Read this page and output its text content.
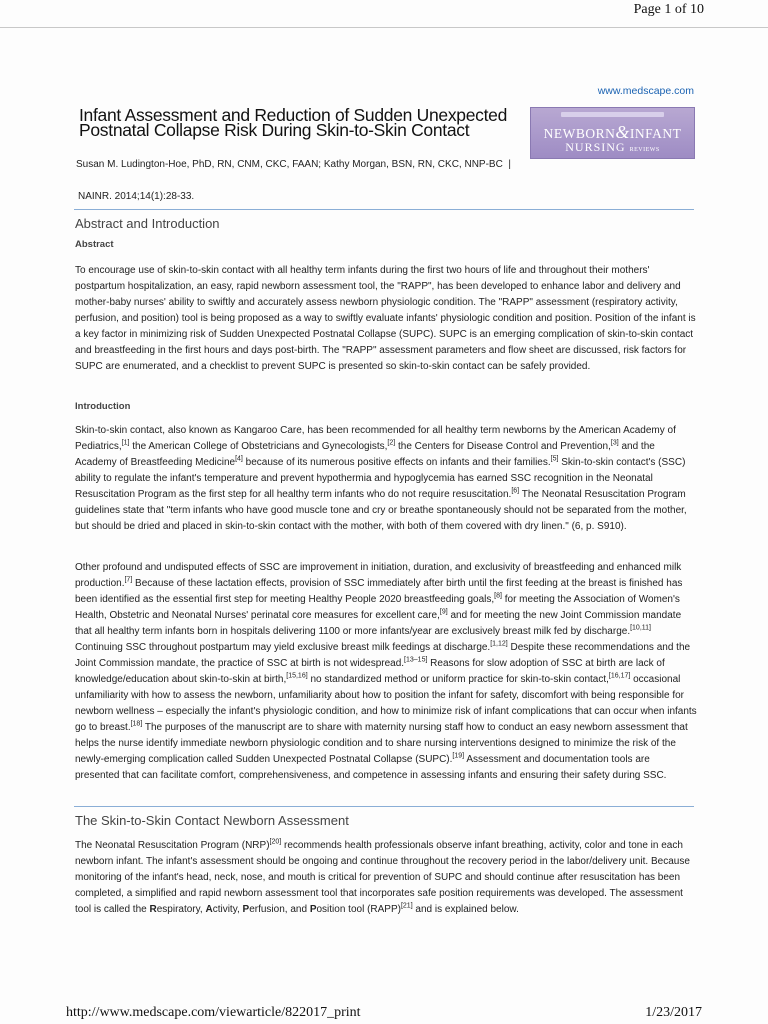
Page 1 of 10
www.medscape.com
Infant Assessment and Reduction of Sudden Unexpected Postnatal Collapse Risk During Skin-to-Skin Contact	NEWBORN&INFANT
NURSING REVIEWS
Susan M. Ludington-Hoe, PhD, RN, CNM, CKC, FAAN; Kathy Morgan, BSN, RN, CKC, NNP-BC |
NAINR. 2014;14(1):28-33.
Abstract and Introduction
Abstract

To encourage use of skin-to-skin contact with all healthy term infants during the first two hours of life and throughout their mothers' postpartum hospitalization, an easy, rapid newborn assessment tool, the "RAPP", has been developed to enhance labor and delivery and mother-baby nurses' ability to swiftly and accurately assess newborn physiologic condition. The "RAPP" assessment (respiratory activity, perfusion, and position) tool is being proposed as a way to swiftly evaluate infants' physiologic condition and position. Position of the infant is a key factor in minimizing risk of Sudden Unexpected Postnatal Collapse (SUPC). SUPC is an emerging complication of skin-to-skin contact and breastfeeding in the first hours and days post-birth. The "RAPP" assessment parameters and flow sheet are discussed, risk factors for SUPC are enumerated, and a checklist to prevent SUPC is presented so skin-to-skin contact can be safely provided.

Introduction

Skin-to-skin contact, also known as Kangaroo Care, has been recommended for all healthy term newborns by the American Academy of Pediatrics,[1] the American College of Obstetricians and Gynecologists,[2] the Centers for Disease Control and Prevention,[3] and the Academy of Breastfeeding Medicine[4] because of its numerous positive effects on infants and their families.[5] Skin-to-skin contact's (SSC) ability to regulate the infant's temperature and prevent hypothermia and hypoglycemia has earned SSC recognition in the Neonatal Resuscitation Program as the first step for all healthy term infants who do not require resuscitation.[6] The Neonatal Resuscitation Program guidelines state that "term infants who have good muscle tone and cry or breathe spontaneously should not be separated from the mother, but should be dried and placed in skin-to-skin contact with the mother, with both of them covered with dry linen." (6, p. S910).

Other profound and undisputed effects of SSC are improvement in initiation, duration, and exclusivity of breastfeeding and enhanced milk production.[7] Because of these lactation effects, provision of SSC immediately after birth until the first feeding at the breast is finished has been identified as the essential first step for meeting Healthy People 2020 breastfeeding goals,[8] for meeting the Association of Women's Health, Obstetric and Neonatal Nurses' perinatal core measures for excellent care,[9] and for meeting the new Joint Commission mandate that all healthy term infants born in hospitals delivering 1100 or more infants/year are exclusively breast milk fed by discharge.[10,11] Continuing SSC throughout postpartum may yield exclusive breast milk feedings at discharge.[1,12] Despite these recommendations and the Joint Commission mandate, the practice of SSC at birth is not widespread.[13–15] Reasons for slow adoption of SSC at birth are lack of knowledge/education about skin-to-skin at birth,[15,16] no standardized method or uniform practice for skin-to-skin contact,[16,17] occasional unfamiliarity with how to assess the newborn, unfamiliarity about how to position the infant for safety, discomfort with being responsible for newborn wellness – especially the infant's physiologic condition, and how to minimize risk of infant complications that can occur when infants go to breast.[18] The purposes of the manuscript are to share with maternity nursing staff how to conduct an easy newborn assessment that helps the nurse identify immediate newborn physiologic condition and to share nursing interventions designed to minimize the risk of the newly-emerging complication called Sudden Unexpected Postnatal Collapse (SUPC).[19] Assessment and documentation tools are presented that can facilitate comfort, comprehensiveness, and competence in assessing infants and ensuring their safety during SSC.

The Skin-to-Skin Contact Newborn Assessment

The Neonatal Resuscitation Program (NRP)[20] recommends health professionals observe infant breathing, activity, color and tone in each newborn infant. The infant's assessment should be ongoing and continue throughout the recovery period in the labor/delivery unit. Because monitoring of the infant's head, neck, nose, and mouth is critical for prevention of SUPC and should continue after resuscitation has been completed, a simplified and rapid newborn assessment tool that incorporates safe position requirements was developed. The assessment tool is called the Respiratory, Activity, Perfusion, and Position tool (RAPP)[21] and is explained below.

http://www.medscape.com/viewarticle/822017_print	1/23/2017
